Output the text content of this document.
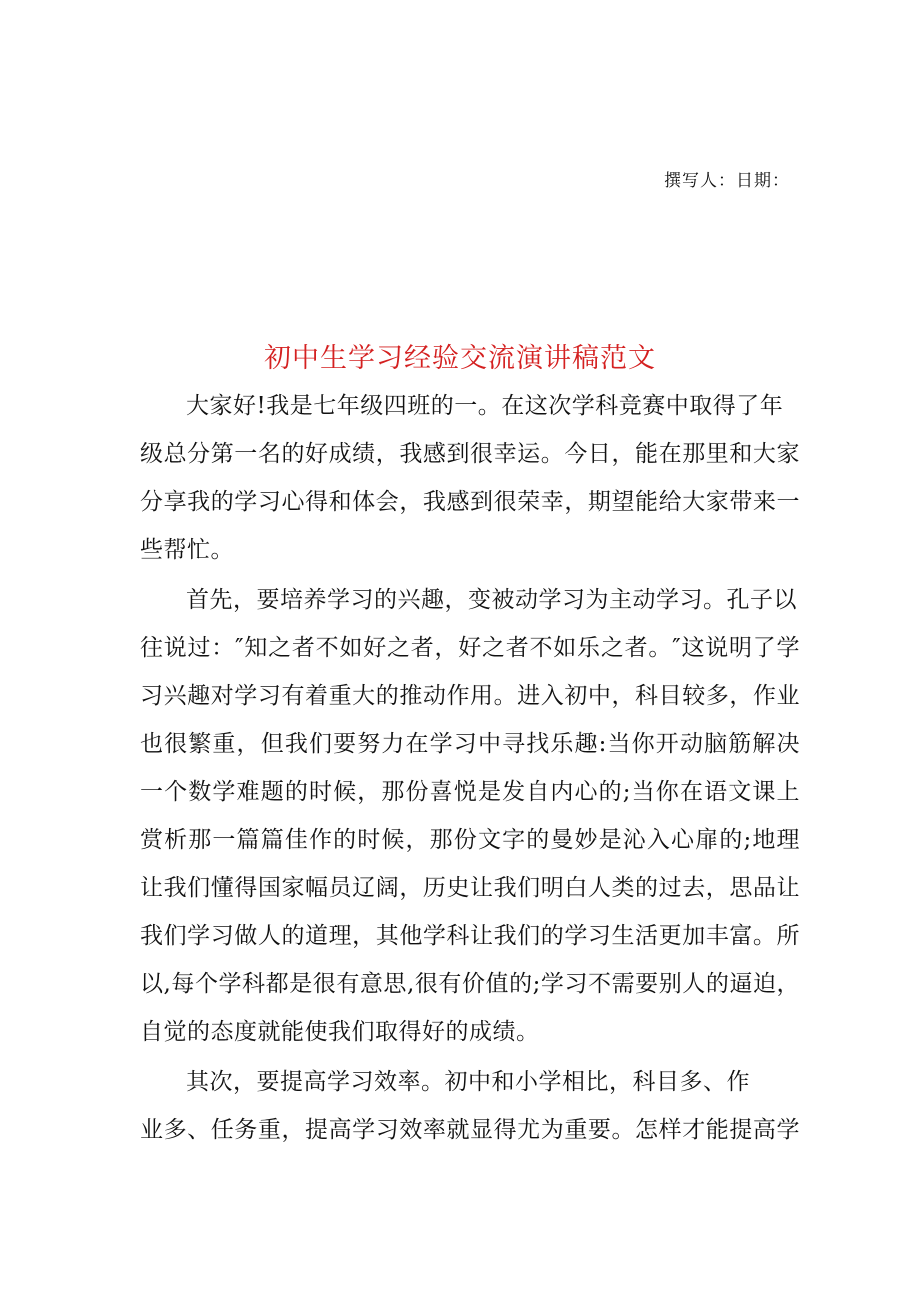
撰写人：日期：
初中生学习经验交流演讲稿范文
大家好!我是七年级四班的一。在这次学科竞赛中取得了年
级总分第一名的好成绩，我感到很幸运。今日，能在那里和大家
分享我的学习心得和体会，我感到很荣幸，期望能给大家带来一
些帮忙。
首先，要培养学习的兴趣，变被动学习为主动学习。孔子以
往说过：″知之者不如好之者，好之者不如乐之者。″这说明了学
习兴趣对学习有着重大的推动作用。进入初中，科目较多，作业
也很繁重，但我们要努力在学习中寻找乐趣:当你开动脑筋解决
一个数学难题的时候，那份喜悦是发自内心的;当你在语文课上
赏析那一篇篇佳作的时候，那份文字的曼妙是沁入心扉的;地理
让我们懂得国家幅员辽阔，历史让我们明白人类的过去，思品让
我们学习做人的道理，其他学科让我们的学习生活更加丰富。所
以,每个学科都是很有意思,很有价值的;学习不需要别人的逼迫，
自觉的态度就能使我们取得好的成绩。
其次，要提高学习效率。初中和小学相比，科目多、作
业多、任务重，提高学习效率就显得尤为重要。怎样才能提高学
